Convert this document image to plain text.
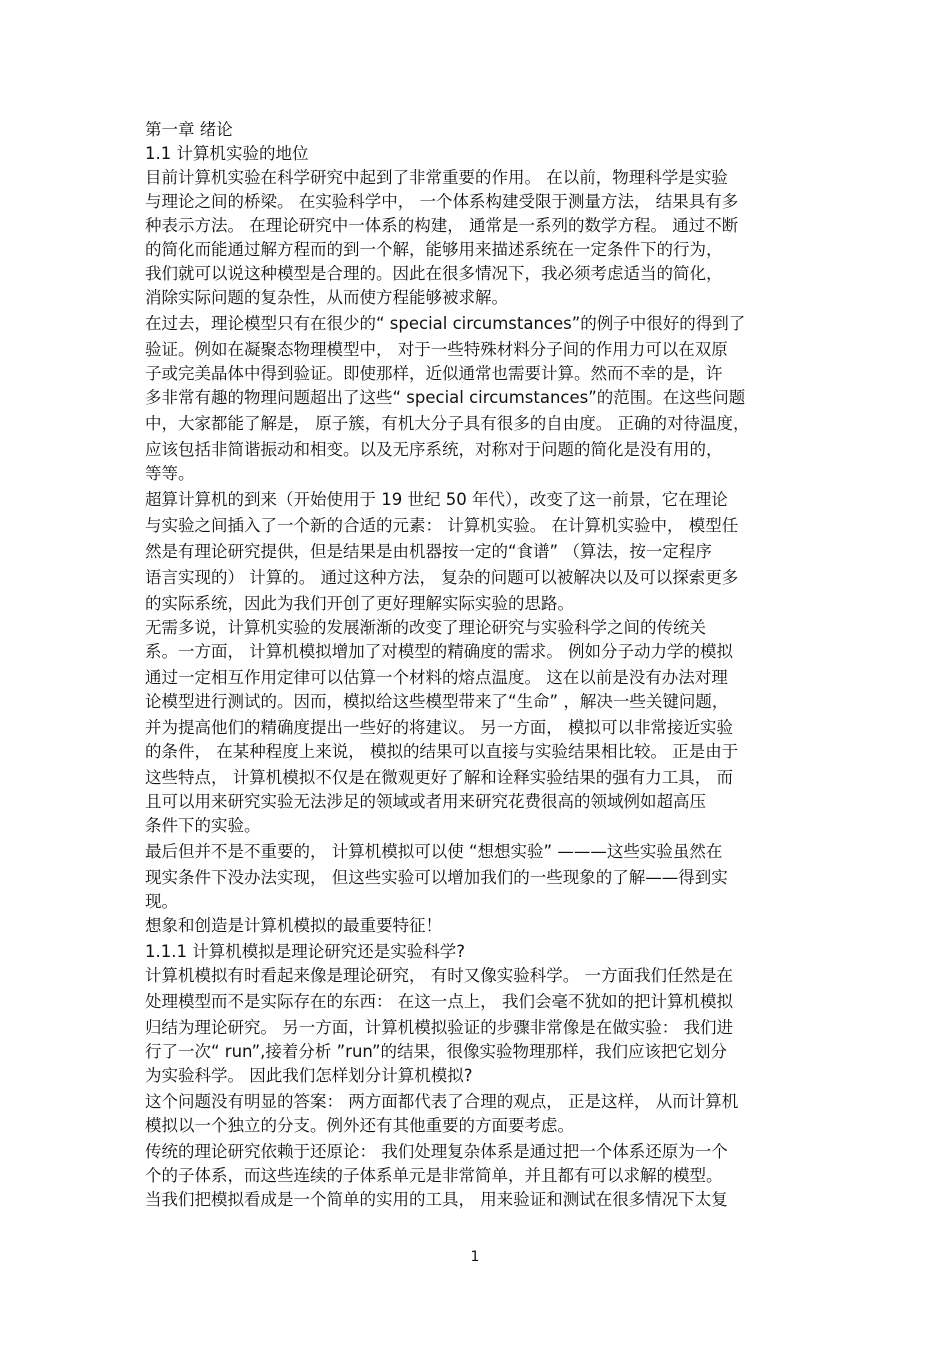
第一章 绪论
1.1 计算机实验的地位
目前计算机实验在科学研究中起到了非常重要的作用。 在以前，物理科学是实验
与理论之间的桥梁。 在实验科学中， 一个体系构建受限于测量方法， 结果具有多
种表示方法。 在理论研究中一体系的构建， 通常是一系列的数学方程。 通过不断
的简化而能通过解方程而的到一个解，能够用来描述系统在一定条件下的行为，
我们就可以说这种模型是合理的。因此在很多情况下，我必须考虑适当的简化，
消除实际问题的复杂性，从而使方程能够被求解。
在过去，理论模型只有在很少的“ special circumstances”的例子中很好的得到了
验证。例如在凝聚态物理模型中， 对于一些特殊材料分子间的作用力可以在双原
子或完美晶体中得到验证。即使那样，近似通常也需要计算。然而不幸的是，许
多非常有趣的物理问题超出了这些“ special circumstances”的范围。在这些问题
中，大家都能了解是， 原子簇，有机大分子具有很多的自由度。 正确的对待温度，
应该包括非简谐振动和相变。以及无序系统，对称对于问题的简化是没有用的，
等等。
超算计算机的到来（开始使用于 19 世纪 50 年代），改变了这一前景，它在理论
与实验之间插入了一个新的合适的元素： 计算机实验。 在计算机实验中， 模型任
然是有理论研究提供，但是结果是由机器按一定的“食谱” （算法，按一定程序
语言实现的） 计算的。 通过这种方法， 复杂的问题可以被解决以及可以探索更多
的实际系统，因此为我们开创了更好理解实际实验的思路。
无需多说，计算机实验的发展渐渐的改变了理论研究与实验科学之间的传统关
系。一方面， 计算机模拟增加了对模型的精确度的需求。 例如分子动力学的模拟
通过一定相互作用定律可以估算一个材料的熔点温度。 这在以前是没有办法对理
论模型进行测试的。因而，模拟给这些模型带来了“生命” ，解决一些关键问题，
并为提高他们的精确度提出一些好的将建议。 另一方面， 模拟可以非常接近实验
的条件， 在某种程度上来说， 模拟的结果可以直接与实验结果相比较。 正是由于
这些特点， 计算机模拟不仅是在微观更好了解和诠释实验结果的强有力工具， 而
且可以用来研究实验无法涉足的领域或者用来研究花费很高的领域例如超高压
条件下的实验。
最后但并不是不重要的， 计算机模拟可以使 “想想实验” ———这些实验虽然在
现实条件下没办法实现， 但这些实验可以增加我们的一些现象的了解——得到实
现。
想象和创造是计算机模拟的最重要特征！
1.1.1 计算机模拟是理论研究还是实验科学?
计算机模拟有时看起来像是理论研究， 有时又像实验科学。 一方面我们任然是在
处理模型而不是实际存在的东西： 在这一点上， 我们会毫不犹如的把计算机模拟
归结为理论研究。 另一方面，计算机模拟验证的步骤非常像是在做实验： 我们进
行了一次“ run”,接着分析 ”run”的结果，很像实验物理那样，我们应该把它划分
为实验科学。 因此我们怎样划分计算机模拟?
这个问题没有明显的答案： 两方面都代表了合理的观点， 正是这样， 从而计算机
模拟以一个独立的分支。例外还有其他重要的方面要考虑。
传统的理论研究依赖于还原论： 我们处理复杂体系是通过把一个体系还原为一个
个的子体系，而这些连续的子体系单元是非常简单，并且都有可以求解的模型。
当我们把模拟看成是一个简单的实用的工具， 用来验证和测试在很多情况下太复
1
